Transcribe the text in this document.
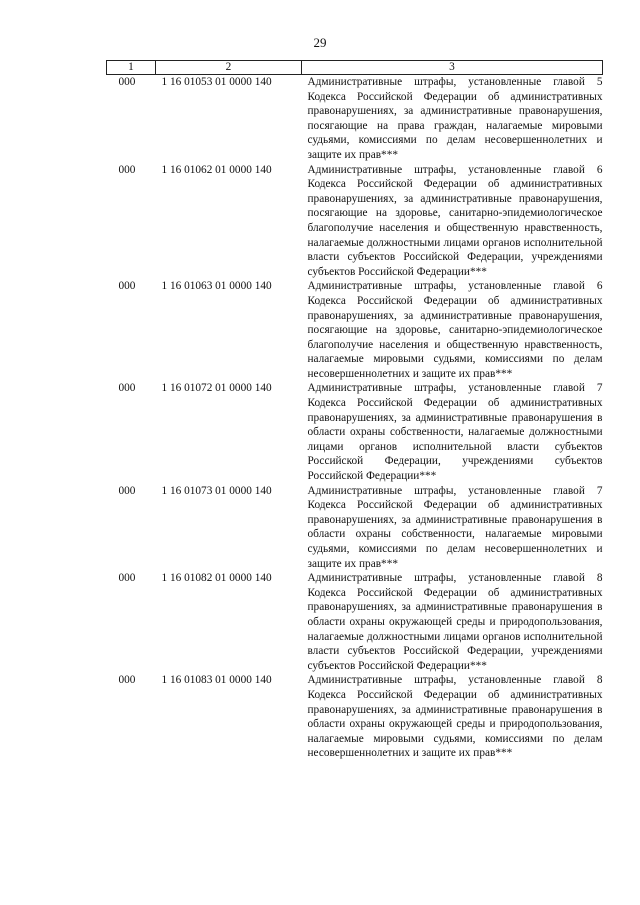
29
1	2	3
000	1 16 01053 01 0000 140	Административные штрафы, установленные главой 5 Кодекса Российской Федерации об административных правонарушениях, за административные правонарушения, посягающие на права граждан, налагаемые мировыми судьями, комиссиями по делам несовершеннолетних и защите их прав***
000	1 16 01062 01 0000 140	Административные штрафы, установленные главой 6 Кодекса Российской Федерации об административных правонарушениях, за административные правонарушения, посягающие на здоровье, санитарно-эпидемиологическое благополучие населения и общественную нравственность, налагаемые должностными лицами органов исполнительной власти субъектов Российской Федерации, учреждениями субъектов Российской Федерации***
000	1 16 01063 01 0000 140	Административные штрафы, установленные главой 6 Кодекса Российской Федерации об административных правонарушениях, за административные правонарушения, посягающие на здоровье, санитарно-эпидемиологическое благополучие населения и общественную нравственность, налагаемые мировыми судьями, комиссиями по делам несовершеннолетних и защите их прав***
000	1 16 01072 01 0000 140	Административные штрафы, установленные главой 7 Кодекса Российской Федерации об административных правонарушениях, за административные правонарушения в области охраны собственности, налагаемые должностными лицами органов исполнительной власти субъектов Российской Федерации, учреждениями субъектов Российской Федерации***
000	1 16 01073 01 0000 140	Административные штрафы, установленные главой 7 Кодекса Российской Федерации об административных правонарушениях, за административные правонарушения в области охраны собственности, налагаемые мировыми судьями, комиссиями по делам несовершеннолетних и защите их прав***
000	1 16 01082 01 0000 140	Административные штрафы, установленные главой 8 Кодекса Российской Федерации об административных правонарушениях, за административные правонарушения в области охраны окружающей среды и природопользования, налагаемые должностными лицами органов исполнительной власти субъектов Российской Федерации, учреждениями субъектов Российской Федерации***
000	1 16 01083 01 0000 140	Административные штрафы, установленные главой 8 Кодекса Российской Федерации об административных правонарушениях, за административные правонарушения в области охраны окружающей среды и природопользования, налагаемые мировыми судьями, комиссиями по делам несовершеннолетних и защите их прав***
